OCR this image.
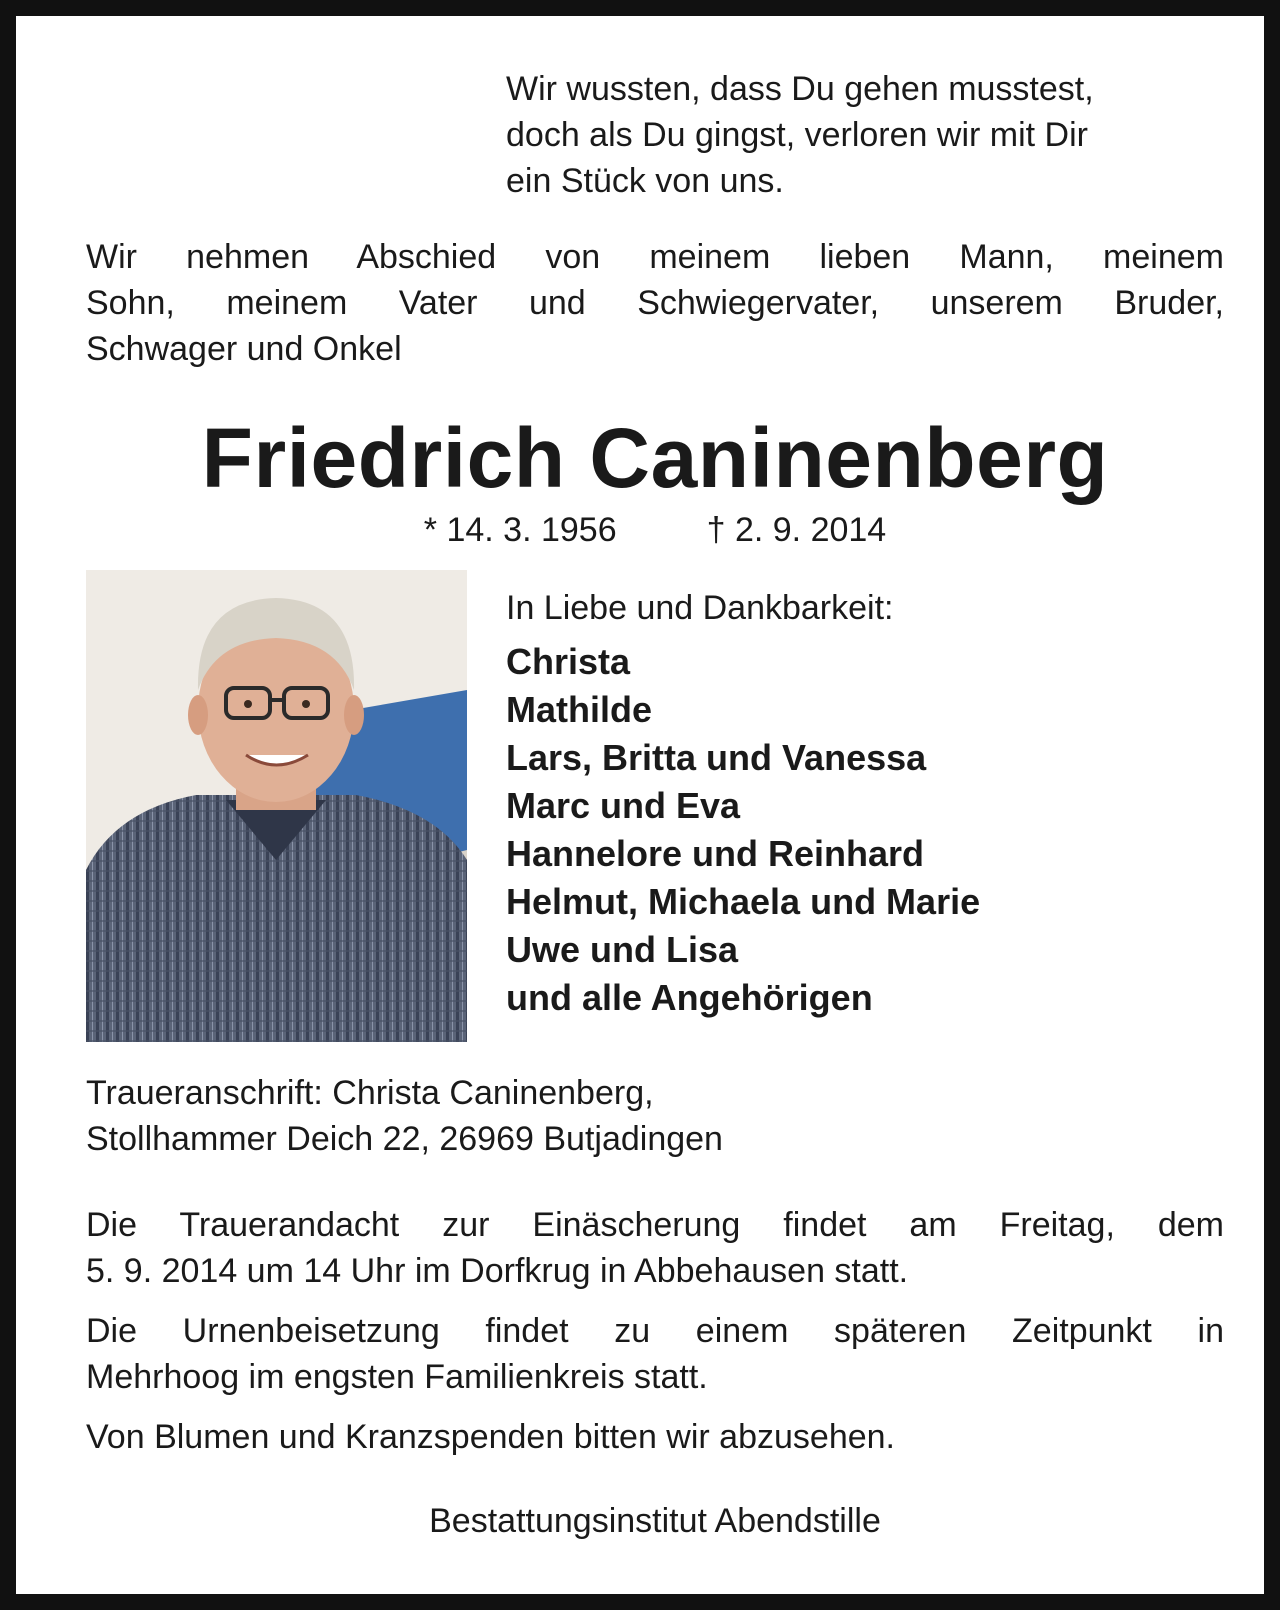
Wir wussten, dass Du gehen musstest,
doch als Du gingst, verloren wir mit Dir
ein Stück von uns.
Wir nehmen Abschied von meinem lieben Mann, meinem
Sohn, meinem Vater und Schwiegervater, unserem Bruder,
Schwager und Onkel
Friedrich Caninenberg
* 14. 3. 1956	† 2. 9. 2014
In Liebe und Dankbarkeit:
Christa
Mathilde
Lars, Britta und Vanessa
Marc und Eva
Hannelore und Reinhard
Helmut, Michaela und Marie
Uwe und Lisa
und alle Angehörigen
Traueranschrift: Christa Caninenberg,
Stollhammer Deich 22, 26969 Butjadingen
Die Trauerandacht zur Einäscherung findet am Freitag, dem
5. 9. 2014 um 14 Uhr im Dorfkrug in Abbehausen statt.
Die Urnenbeisetzung findet zu einem späteren Zeitpunkt in
Mehrhoog im engsten Familienkreis statt.
Von Blumen und Kranzspenden bitten wir abzusehen.
Bestattungsinstitut Abendstille
